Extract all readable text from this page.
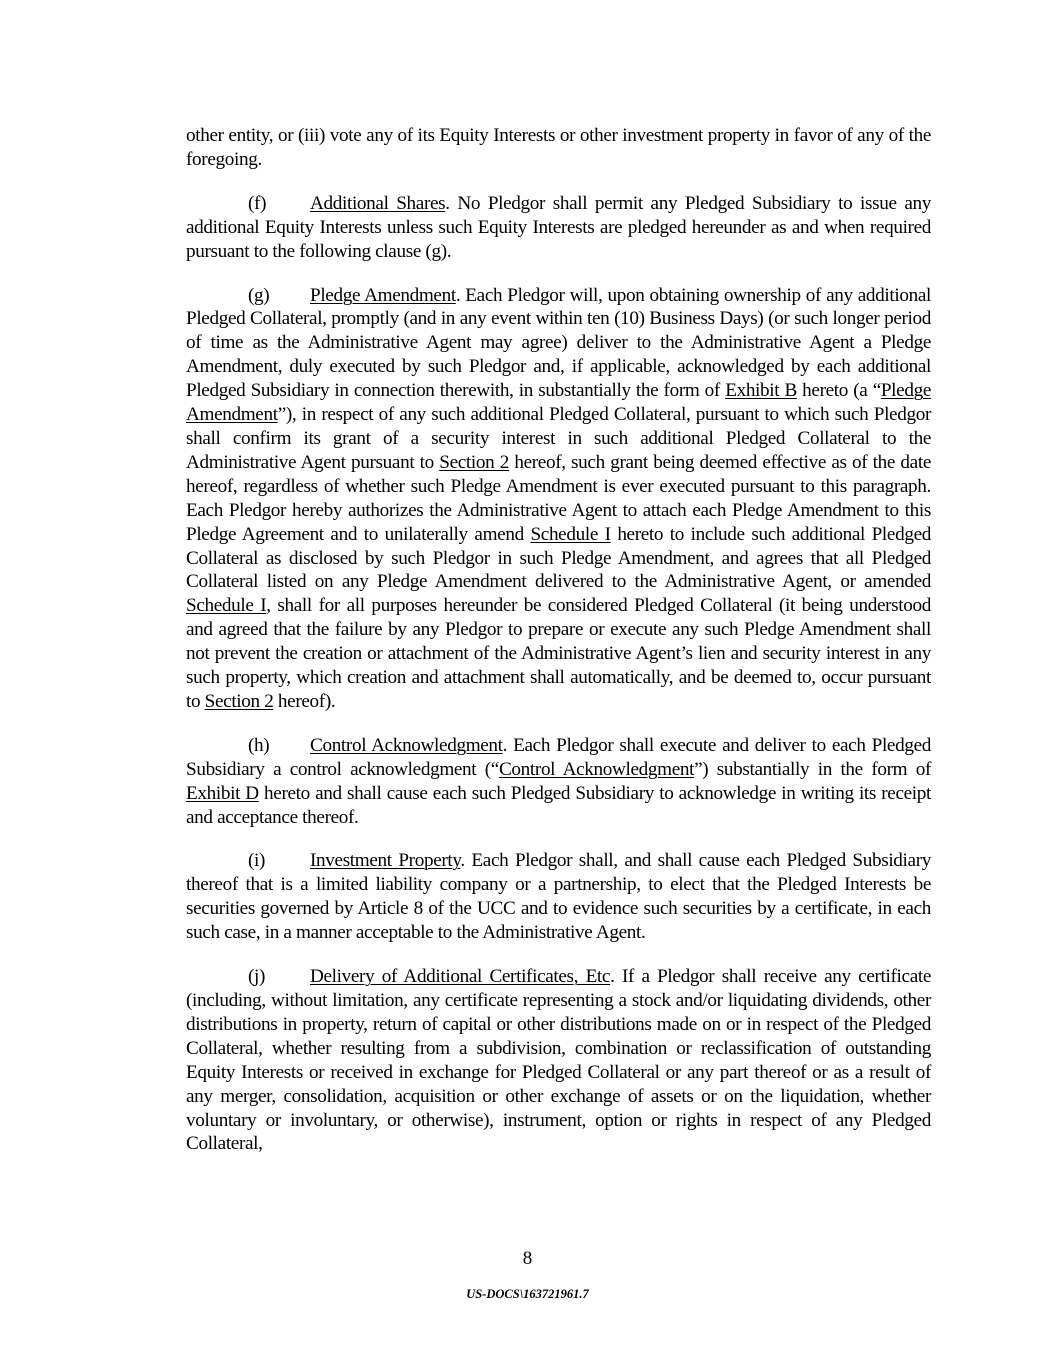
other entity, or (iii) vote any of its Equity Interests or other investment property in favor of any of the foregoing.

(f) Additional Shares. No Pledgor shall permit any Pledged Subsidiary to issue any additional Equity Interests unless such Equity Interests are pledged hereunder as and when required pursuant to the following clause (g).

(g) Pledge Amendment. Each Pledgor will, upon obtaining ownership of any additional Pledged Collateral, promptly (and in any event within ten (10) Business Days) (or such longer period of time as the Administrative Agent may agree) deliver to the Administrative Agent a Pledge Amendment, duly executed by such Pledgor and, if applicable, acknowledged by each additional Pledged Subsidiary in connection therewith, in substantially the form of Exhibit B hereto (a “Pledge Amendment”), in respect of any such additional Pledged Collateral, pursuant to which such Pledgor shall confirm its grant of a security interest in such additional Pledged Collateral to the Administrative Agent pursuant to Section 2 hereof, such grant being deemed effective as of the date hereof, regardless of whether such Pledge Amendment is ever executed pursuant to this paragraph. Each Pledgor hereby authorizes the Administrative Agent to attach each Pledge Amendment to this Pledge Agreement and to unilaterally amend Schedule I hereto to include such additional Pledged Collateral as disclosed by such Pledgor in such Pledge Amendment, and agrees that all Pledged Collateral listed on any Pledge Amendment delivered to the Administrative Agent, or amended Schedule I, shall for all purposes hereunder be considered Pledged Collateral (it being understood and agreed that the failure by any Pledgor to prepare or execute any such Pledge Amendment shall not prevent the creation or attachment of the Administrative Agent’s lien and security interest in any such property, which creation and attachment shall automatically, and be deemed to, occur pursuant to Section 2 hereof).

(h) Control Acknowledgment. Each Pledgor shall execute and deliver to each Pledged Subsidiary a control acknowledgment (“Control Acknowledgment”) substantially in the form of Exhibit D hereto and shall cause each such Pledged Subsidiary to acknowledge in writing its receipt and acceptance thereof.

(i) Investment Property. Each Pledgor shall, and shall cause each Pledged Subsidiary thereof that is a limited liability company or a partnership, to elect that the Pledged Interests be securities governed by Article 8 of the UCC and to evidence such securities by a certificate, in each such case, in a manner acceptable to the Administrative Agent.

(j) Delivery of Additional Certificates, Etc. If a Pledgor shall receive any certificate (including, without limitation, any certificate representing a stock and/or liquidating dividends, other distributions in property, return of capital or other distributions made on or in respect of the Pledged Collateral, whether resulting from a subdivision, combination or reclassification of outstanding Equity Interests or received in exchange for Pledged Collateral or any part thereof or as a result of any merger, consolidation, acquisition or other exchange of assets or on the liquidation, whether voluntary or involuntary, or otherwise), instrument, option or rights in respect of any Pledged Collateral,

8
US-DOCS\163721961.7
